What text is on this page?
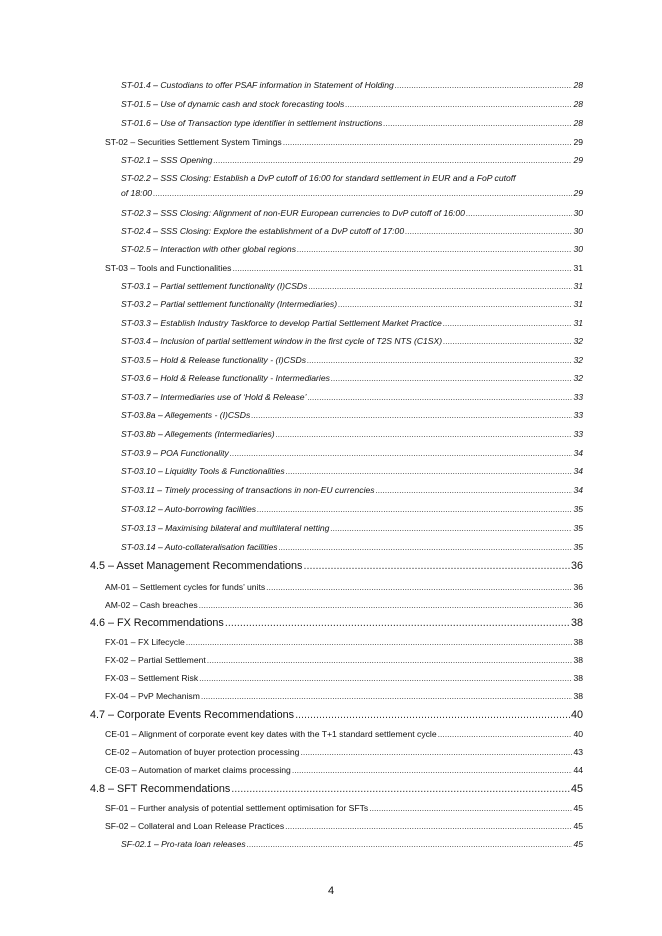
ST-01.4 – Custodians to offer PSAF information in Statement of Holding .....	28
ST-01.5 – Use of dynamic cash and stock forecasting tools .....	28
ST-01.6 – Use of Transaction type identifier in settlement instructions .....	28
ST-02 – Securities Settlement System Timings .....	29
ST-02.1 – SSS Opening .....	29
ST-02.2 – SSS Closing: Establish a DvP cutoff of 16:00 for standard settlement in EUR and a FoP cutoff
of 18:00 .....	29
ST-02.3 – SSS Closing: Alignment of non-EUR European currencies to DvP cutoff of 16:00 .....	30
ST-02.4 – SSS Closing: Explore the establishment of a DvP cutoff of 17:00 .....	30
ST-02.5 – Interaction with other global regions .....	30
ST-03 – Tools and Functionalities .....	31
ST-03.1 – Partial settlement functionality (I)CSDs .....	31
ST-03.2 – Partial settlement functionality (Intermediaries) .....	31
ST-03.3 – Establish Industry Taskforce to develop Partial Settlement Market Practice .....	31
ST-03.4 – Inclusion of partial settlement window in the first cycle of T2S NTS (C1SX) .....	32
ST-03.5 – Hold & Release functionality - (I)CSDs .....	32
ST-03.6 – Hold & Release functionality - Intermediaries .....	32
ST-03.7 – Intermediaries use of ‘Hold & Release’ .....	33
ST-03.8a – Allegements - (I)CSDs .....	33
ST-03.8b – Allegements (Intermediaries) .....	33
ST-03.9 – POA Functionality .....	34
ST-03.10 – Liquidity Tools & Functionalities .....	34
ST-03.11 – Timely processing of transactions in non-EU currencies .....	34
ST-03.12 – Auto-borrowing facilities .....	35
ST-03.13 – Maximising bilateral and multilateral netting .....	35
ST-03.14 – Auto-collateralisation facilities .....	35
4.5 – Asset Management Recommendations .....	36
AM-01 – Settlement cycles for funds’ units .....	36
AM-02 – Cash breaches .....	36
4.6 – FX Recommendations .....	38
FX-01 – FX Lifecycle .....	38
FX-02 – Partial Settlement .....	38
FX-03 – Settlement Risk .....	38
FX-04 – PvP Mechanism .....	38
4.7 – Corporate Events Recommendations .....	40
CE-01 – Alignment of corporate event key dates with the T+1 standard settlement cycle .....	40
CE-02 – Automation of buyer protection processing .....	43
CE-03 – Automation of market claims processing .....	44
4.8 – SFT Recommendations .....	45
SF-01 – Further analysis of potential settlement optimisation for SFTs .....	45
SF-02 – Collateral and Loan Release Practices .....	45
SF-02.1 – Pro-rata loan releases .....	45
4
